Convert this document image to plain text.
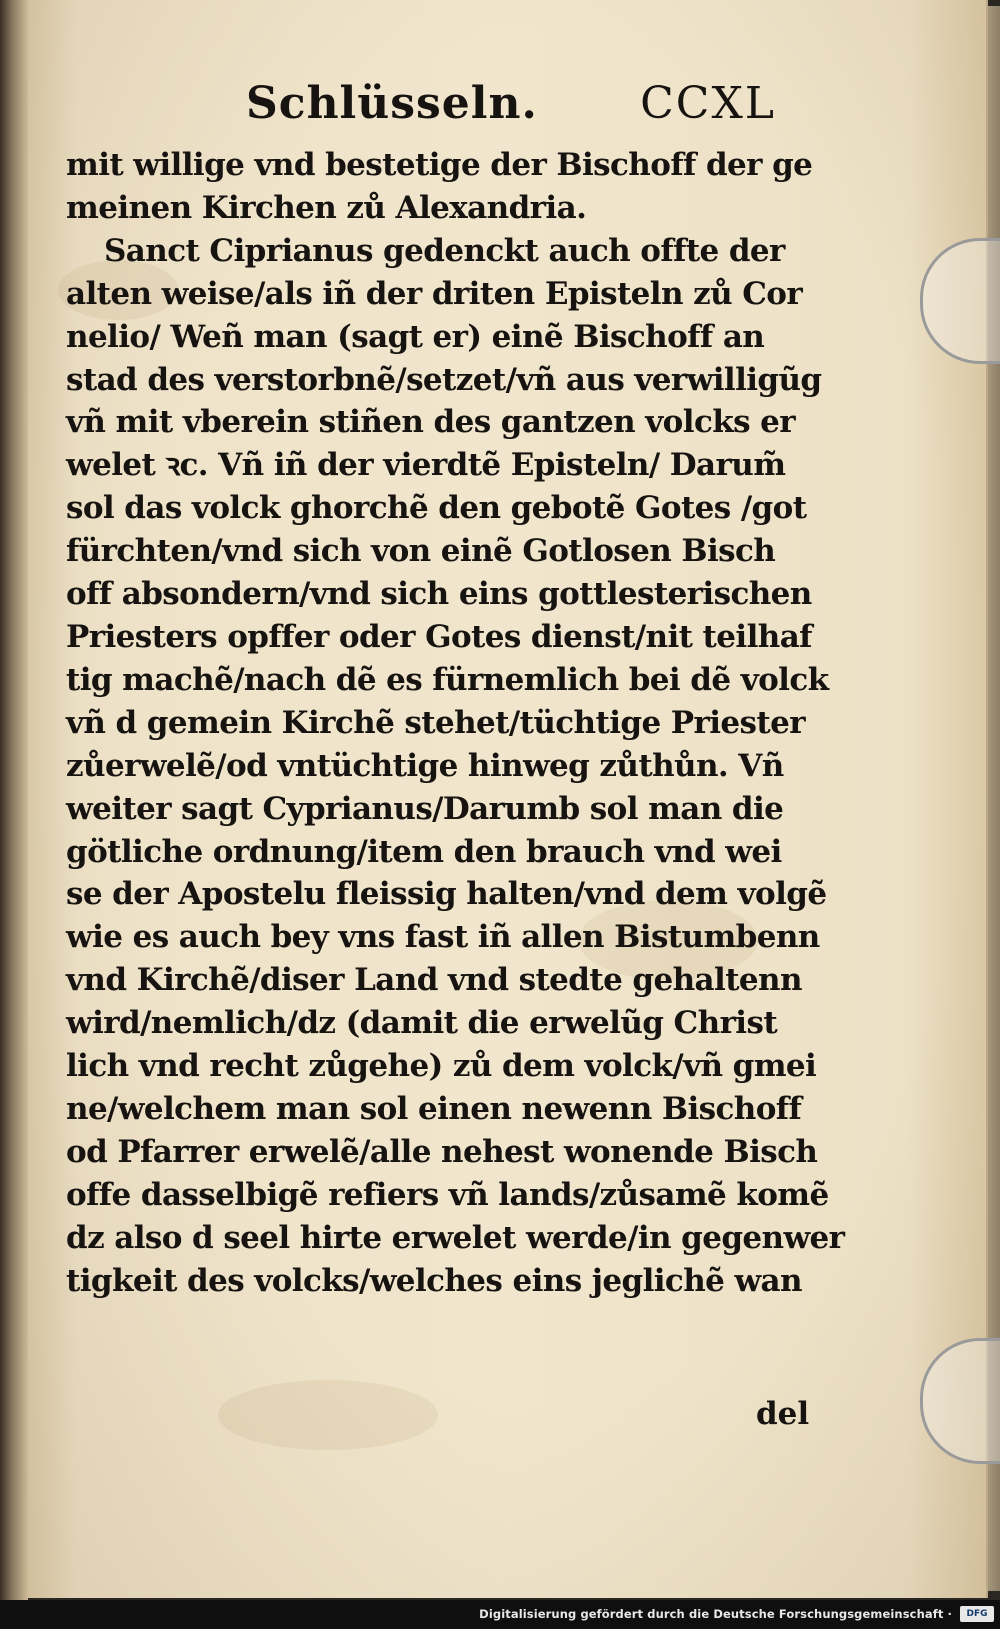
Schlüsseln. CCXL
mit willige vnd bestetige der Bischoff der ge
meinen Kirchen zů Alexandria.
Sanct Ciprianus gedenckt auch offte der
alten weise/als iñ der driten Episteln zů Cor
nelio/ Weñ man (sagt er) einẽ Bischoff an
stad des verstorbnẽ/setzet/vñ aus verwilligũg
vñ mit vberein stiñen des gantzen volcks er
welet ꝛc. Vñ iñ der vierdtẽ Episteln/ Darum̃
sol das volck ghorchẽ den gebotẽ Gotes /got
fürchten/vnd sich von einẽ Gotlosen Bisch
off absondern/vnd sich eins gottlesterischen
Priesters opffer oder Gotes dienst/nit teilhaf
tig machẽ/nach dẽ es fürnemlich bei dẽ volck
vñ d gemein Kirchẽ stehet/tüchtige Priester
zůerwelẽ/od vntüchtige hinweg zůthůn. Vñ
weiter sagt Cyprianus/Darumb sol man die
götliche ordnung/item den brauch vnd wei
se der Apostelu fleissig halten/vnd dem volgẽ
wie es auch bey vns fast iñ allen Bistumbenn
vnd Kirchẽ/diser Land vnd stedte gehaltenn
wird/nemlich/dz (damit die erwelũg Christ
lich vnd recht zůgehe) zů dem volck/vñ gmei
ne/welchem man sol einen newenn Bischoff
od Pfarrer erwelẽ/alle nehest wonende Bisch
offe dasselbigẽ refiers vñ lands/zůsamẽ komẽ
dz also d seel hirte erwelet werde/in gegenwer
tigkeit des volcks/welches eins jeglichẽ wan
del
Digitalisierung gefördert durch die Deutsche Forschungsgemeinschaft ·	DFG
